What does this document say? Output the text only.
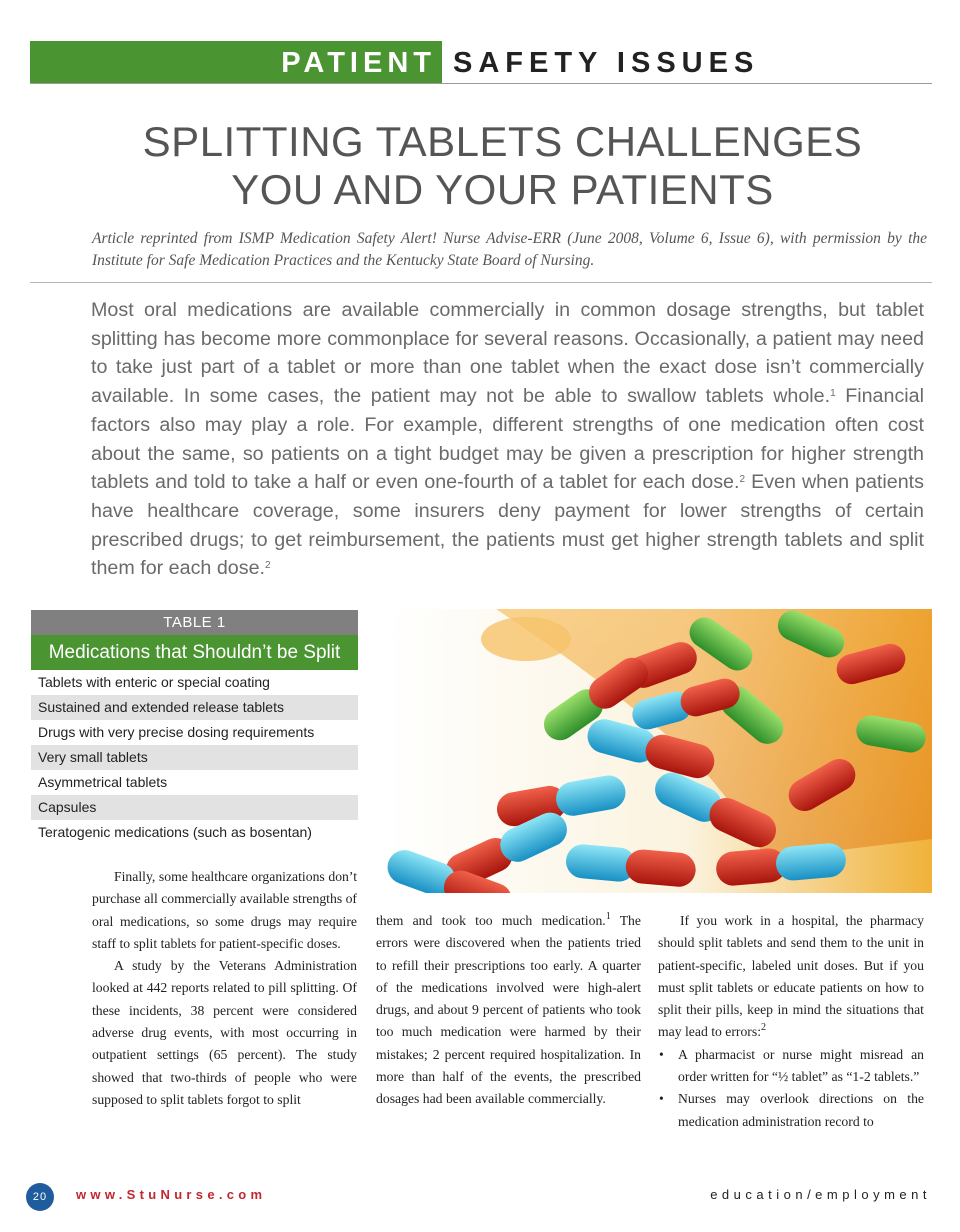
PATIENT SAFETY ISSUES
SPLITTING TABLETS CHALLENGES
YOU AND YOUR PATIENTS
Article reprinted from ISMP Medication Safety Alert! Nurse Advise-ERR (June 2008, Volume 6, Issue 6), with permission by the Institute for Safe Medication Practices and the Kentucky State Board of Nursing.

Most oral medications are available commercially in common dosage strengths, but tablet splitting has become more commonplace for several reasons. Occasionally, a patient may need to take just part of a tablet or more than one tablet when the exact dose isn’t commercially available. In some cases, the patient may not be able to swallow tablets whole.$^1$ Financial factors also may play a role. For example, different strengths of one medication often cost about the same, so patients on a tight budget may be given a prescription for higher strength tablets and told to take a half or even one-fourth of a tablet for each dose.$^2$ Even when patients have healthcare coverage, some insurers deny payment for lower strengths of certain prescribed drugs; to get reimbursement, the patients must get higher strength tablets and split them for each dose.$^2$

TABLE 1
Medications that Shouldn’t be Split
Tablets with enteric or special coating
Sustained and extended release tablets
Drugs with very precise dosing requirements
Very small tablets
Asymmetrical tablets
Capsules
Teratogenic medications (such as bosentan)

Finally, some healthcare organizations don’t purchase all commercially available strengths of oral medications, so some drugs may require staff to split tablets for patient-specific doses.

A study by the Veterans Administration looked at 442 reports related to pill splitting. Of these incidents, 38 percent were considered adverse drug events, with most occurring in outpatient settings (65 percent). The study showed that two-thirds of people who were supposed to split tablets forgot to split

them and took too much medication.$^1$ The errors were discovered when the patients tried to refill their prescriptions too early. A quarter of the medications involved were high-alert drugs, and about 9 percent of patients who took too much medication were harmed by their mistakes; 2 percent required hospitalization. In more than half of the events, the prescribed dosages had been available commercially.

If you work in a hospital, the pharmacy should split tablets and send them to the unit in patient-specific, labeled unit doses. But if you must split tablets or educate patients on how to split their pills, keep in mind the situations that may lead to errors:$^2$

• A pharmacist or nurse might misread an order written for “½ tablet” as “1-2 tablets.”
• Nurses may overlook directions on the medication administration record to
20	www.StuNurse.com	education/employment
